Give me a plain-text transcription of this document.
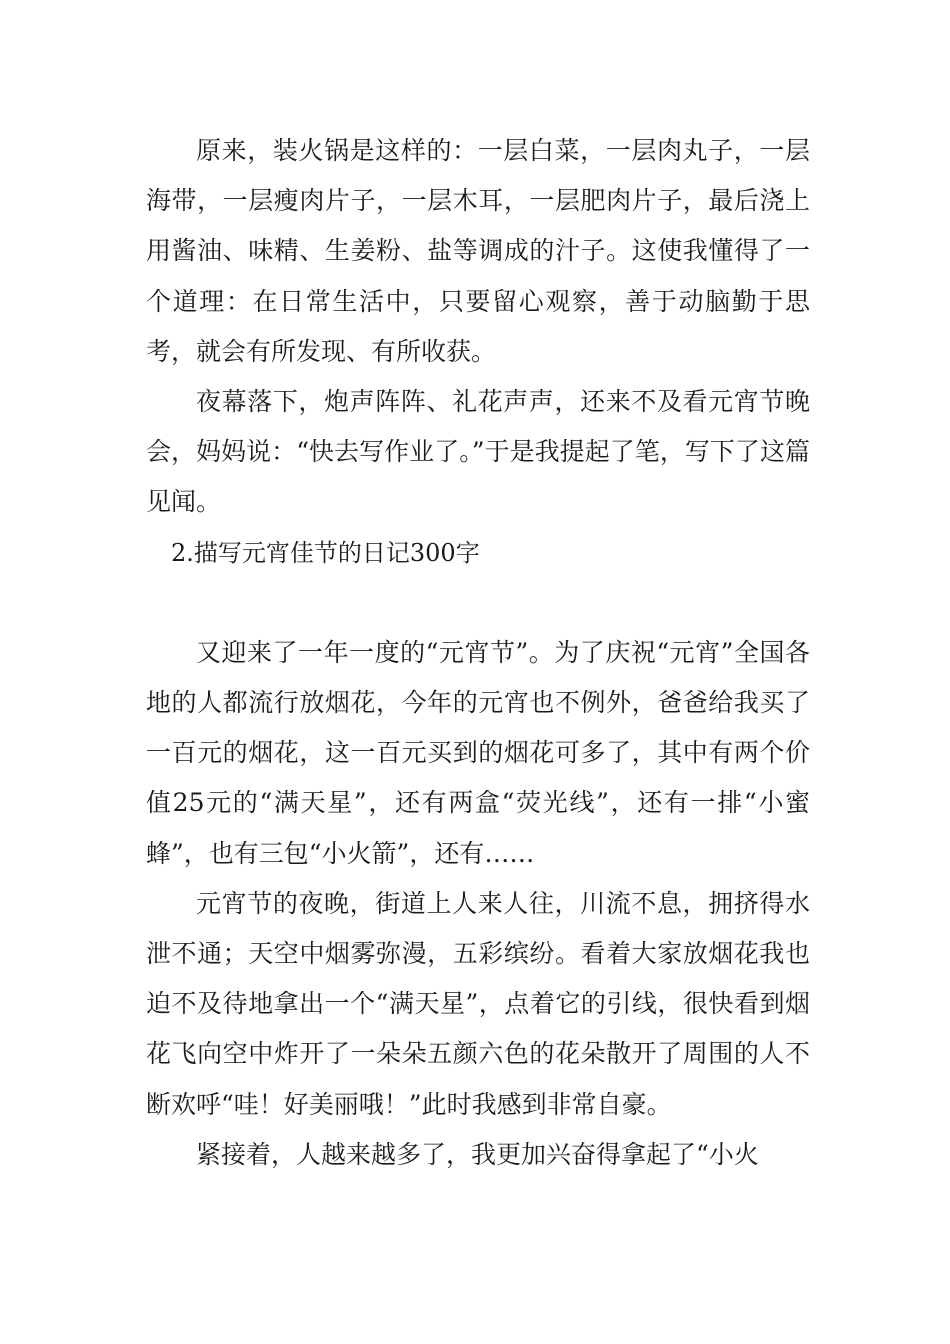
原来，装火锅是这样的：一层白菜，一层肉丸子，一层海带，一层瘦肉片子，一层木耳，一层肥肉片子，最后浇上用酱油、味精、生姜粉、盐等调成的汁子。这使我懂得了一个道理：在日常生活中，只要留心观察，善于动脑勤于思考，就会有所发现、有所收获。

夜幕落下，炮声阵阵、礼花声声，还来不及看元宵节晚会，妈妈说：“快去写作业了。”于是我提起了笔，写下了这篇见闻。

2.描写元宵佳节的日记300字

又迎来了一年一度的“元宵节”。为了庆祝“元宵”全国各地的人都流行放烟花，今年的元宵也不例外，爸爸给我买了一百元的烟花，这一百元买到的烟花可多了，其中有两个价值25元的“满天星”，还有两盒“荧光线”，还有一排“小蜜蜂”，也有三包“小火箭”，还有……

元宵节的夜晚，街道上人来人往，川流不息，拥挤得水泄不通；天空中烟雾弥漫，五彩缤纷。看着大家放烟花我也迫不及待地拿出一个“满天星”，点着它的引线，很快看到烟花飞向空中炸开了一朵朵五颜六色的花朵散开了周围的人不断欢呼“哇！好美丽哦！”此时我感到非常自豪。

紧接着，人越来越多了，我更加兴奋得拿起了“小火
